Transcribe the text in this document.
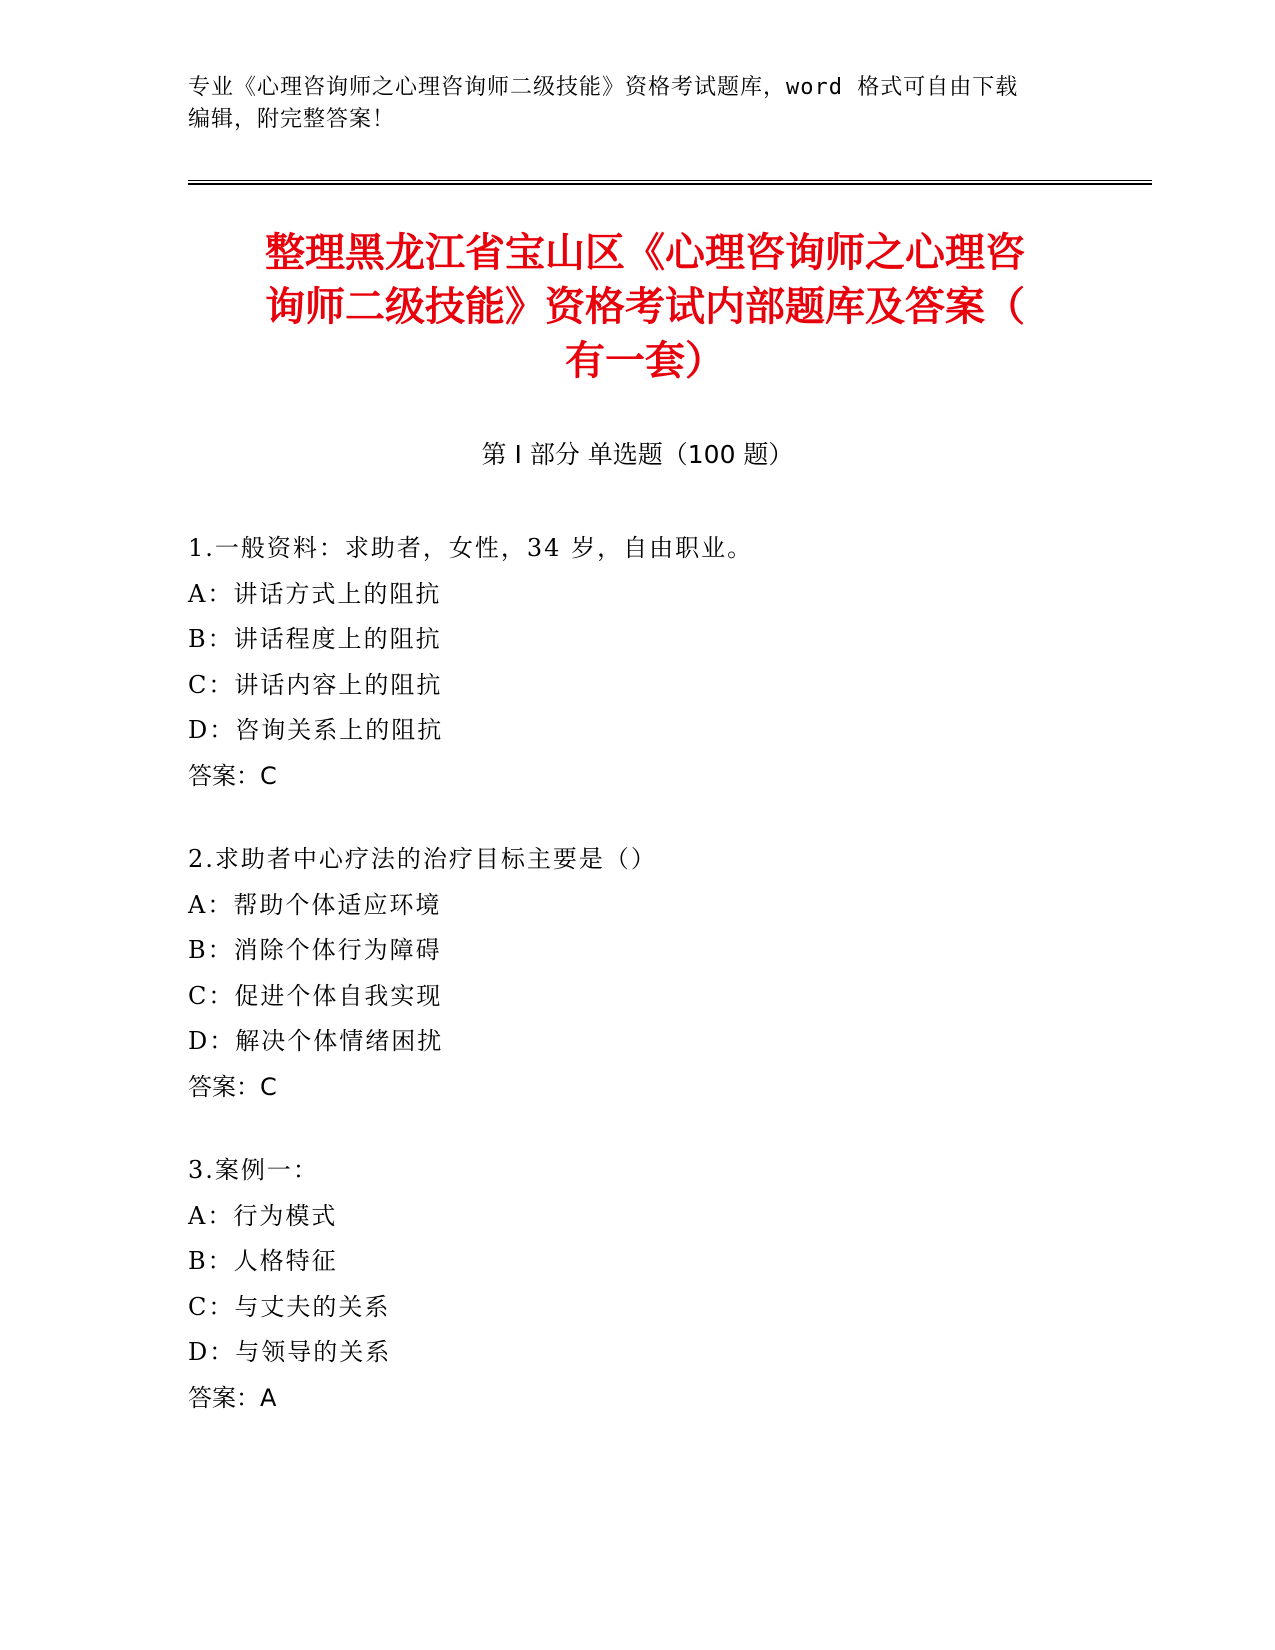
专业《心理咨询师之心理咨询师二级技能》资格考试题库，word 格式可自由下载
编辑，附完整答案！
整理黑龙江省宝山区《心理咨询师之心理咨
询师二级技能》资格考试内部题库及答案（
有一套）
第 I 部分 单选题（100 题）
1.一般资料：求助者，女性，34 岁，自由职业。
A：讲话方式上的阻抗
B：讲话程度上的阻抗
C：讲话内容上的阻抗
D：咨询关系上的阻抗
答案：C
2.求助者中心疗法的治疗目标主要是（）
A：帮助个体适应环境
B：消除个体行为障碍
C：促进个体自我实现
D：解决个体情绪困扰
答案：C
3.案例一：
A：行为模式
B：人格特征
C：与丈夫的关系
D：与领导的关系
答案：A
